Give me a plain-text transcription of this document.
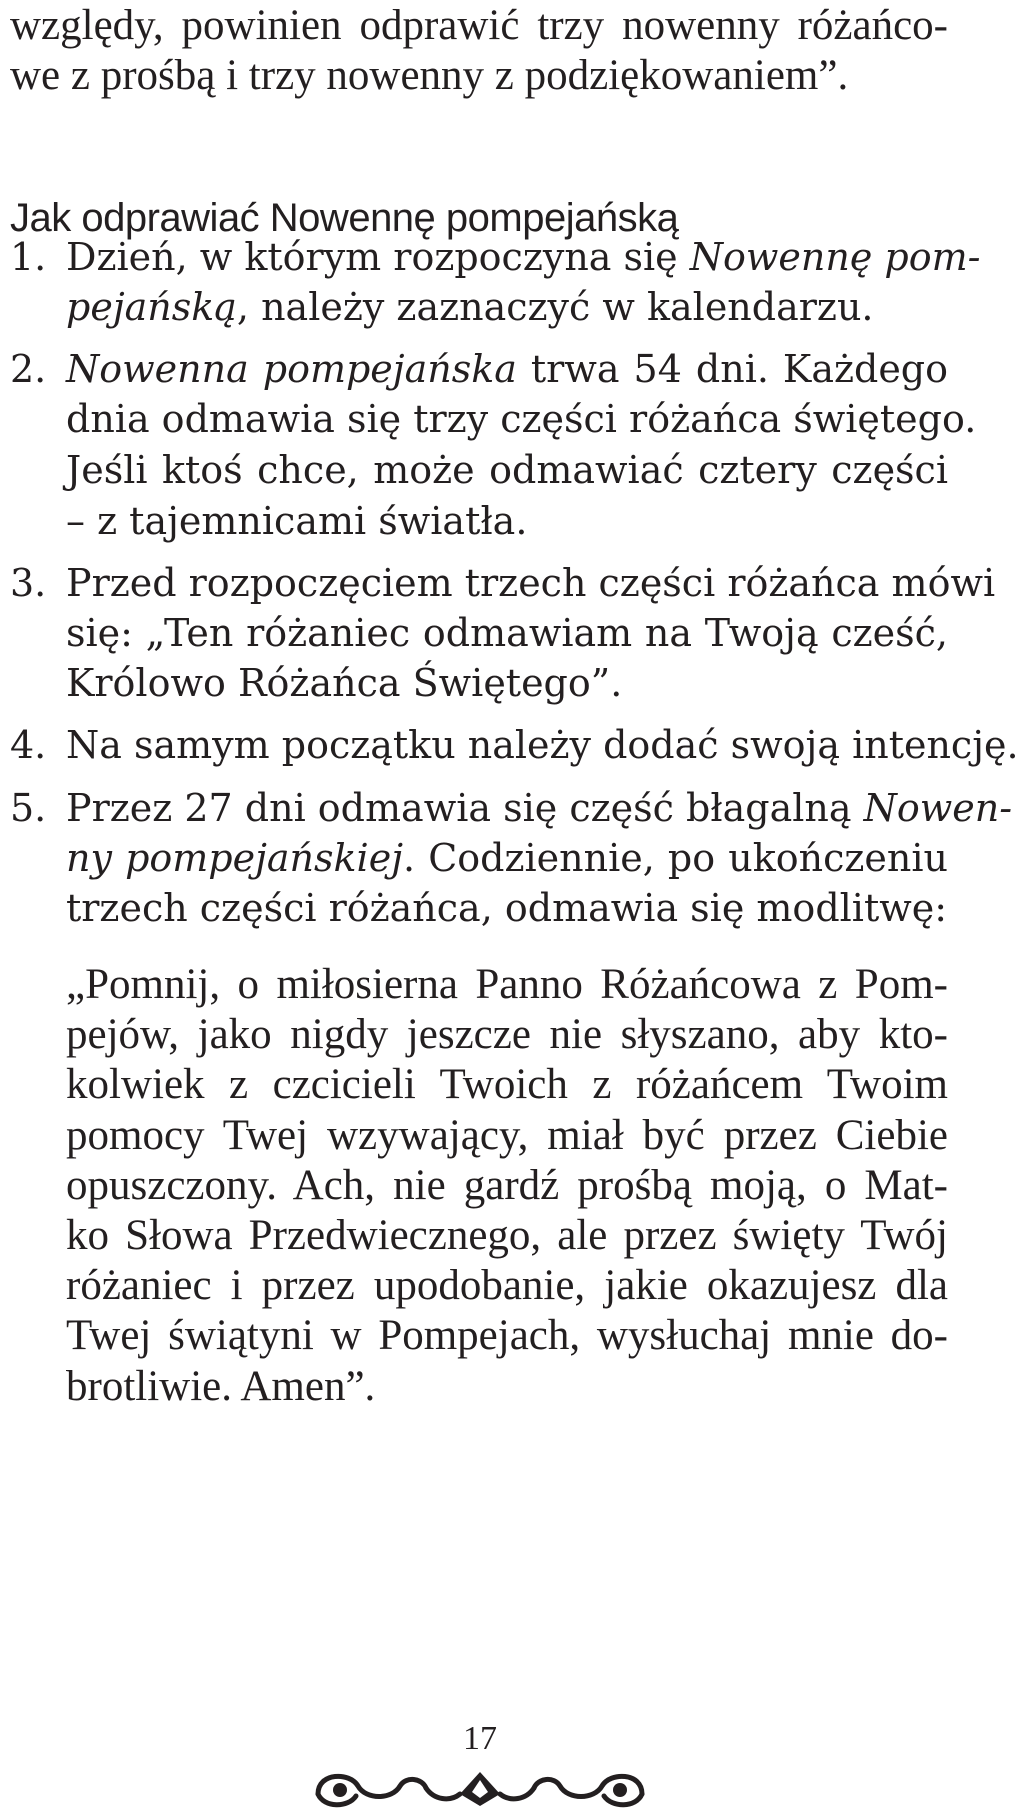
względy, powinien odprawić trzy nowenny różańco-
we z prośbą i trzy nowenny z podziękowaniem”.
Jak odprawiać Nowennę pompejańską
1. Dzień, w którym rozpoczyna się Nowennę pom-
pejańską, należy zaznaczyć w kalendarzu.
2. Nowenna pompejańska trwa 54 dni. Każdego
dnia odmawia się trzy części różańca świętego.
Jeśli ktoś chce, może odmawiać cztery części
– z tajemnicami światła.
3. Przed rozpoczęciem trzech części różańca mówi
się: „Ten różaniec odmawiam na Twoją cześć,
Królowo Różańca Świętego”.
4. Na samym początku należy dodać swoją intencję.
5. Przez 27 dni odmawia się część błagalną Nowen-
ny pompejańskiej. Codziennie, po ukończeniu
trzech części różańca, odmawia się modlitwę:
„Pomnij, o miłosierna Panno Różańcowa z Pom-
pejów, jako nigdy jeszcze nie słyszano, aby kto-
kolwiek z czcicieli Twoich z różańcem Twoim
pomocy Twej wzywający, miał być przez Ciebie
opuszczony. Ach, nie gardź prośbą moją, o Mat-
ko Słowa Przedwiecznego, ale przez święty Twój
różaniec i przez upodobanie, jakie okazujesz dla
Twej świątyni w Pompejach, wysłuchaj mnie do-
brotliwie. Amen”.
17
